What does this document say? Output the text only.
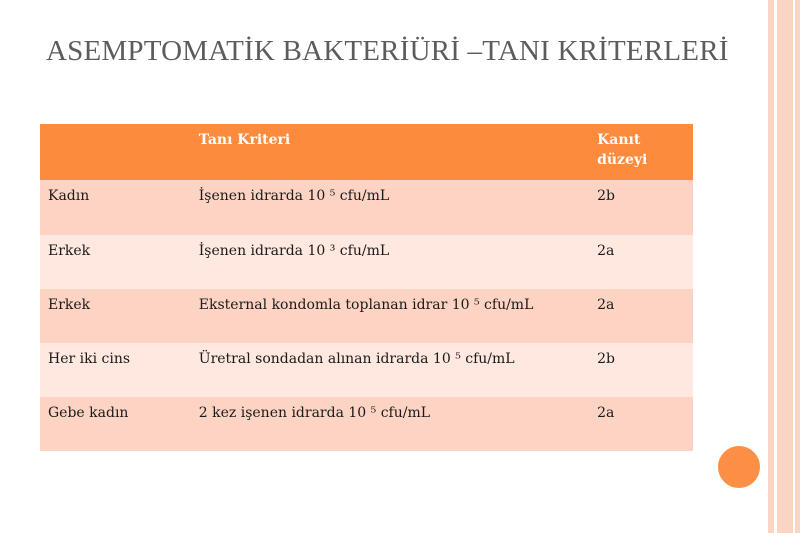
ASEMPTOMATİK BAKTERİÜRİ –TANI KRİTERLERİ
	Tanı Kriteri	Kanıt düzeyi
Kadın	İşenen idrarda 10 ⁵ cfu/mL	2b
Erkek	İşenen idrarda 10 ³ cfu/mL	2a
Erkek	Eksternal kondomla toplanan idrar 10 ⁵ cfu/mL	2a
Her iki cins	Üretral sondadan alınan idrarda 10 ⁵ cfu/mL	2b
Gebe kadın	2 kez işenen idrarda 10 ⁵ cfu/mL	2a
